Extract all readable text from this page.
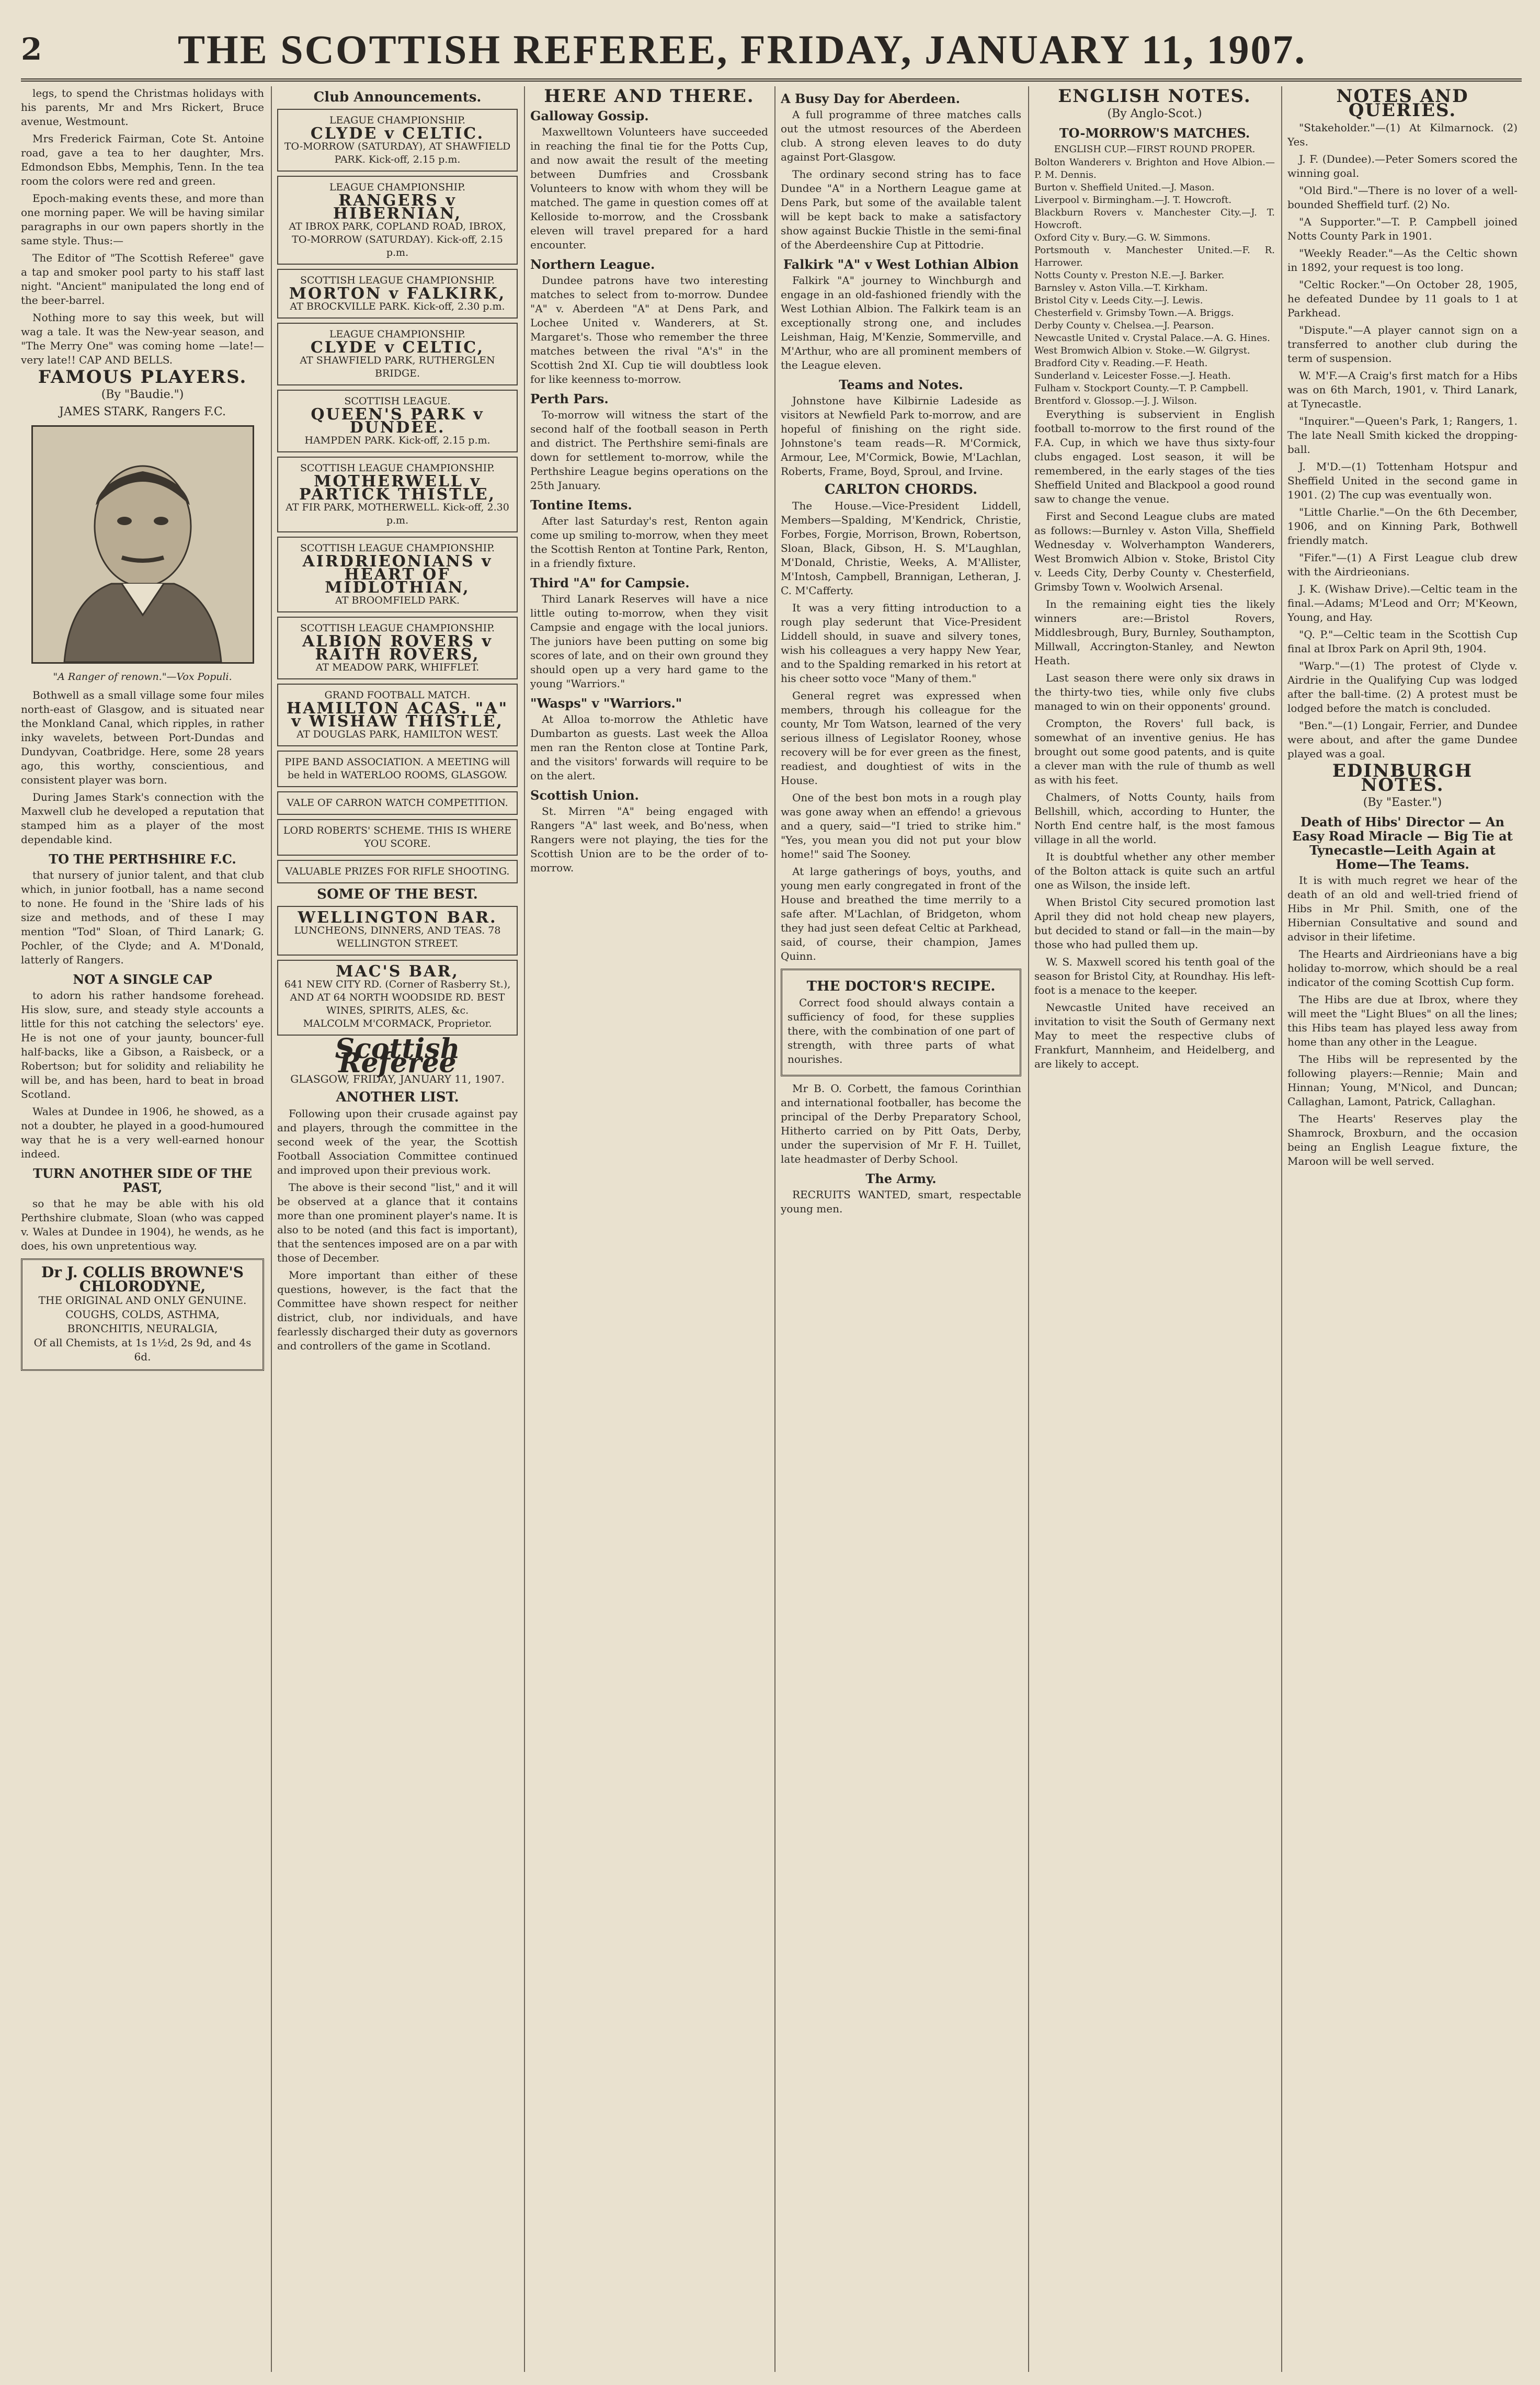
2	THE SCOTTISH REFEREE, FRIDAY, JANUARY 11, 1907.

legs, to spend the Christmas holidays with his parents, Mr and Mrs Rickert, Bruce avenue, Westmount.

Mrs Frederick Fairman, Cote St. Antoine road, gave a tea to her daughter, Mrs. Edmondson Ebbs, Memphis, Tenn. In the tea room the colors were red and green.

Epoch-making events these, and more than one morning paper. We will be having similar paragraphs in our own papers shortly in the same style. Thus:—

The Editor of "The Scottish Referee" gave a tap and smoker pool party to his staff last night. "Ancient" manipulated the long end of the beer-barrel.

Nothing more to say this week, but will wag a tale. It was the New-year season, and "The Merry One" was coming home —late!—very late!! CAP AND BELLS.

FAMOUS PLAYERS.
(By "Baudie.")
JAMES STARK, Rangers F.C.
"A Ranger of renown."—Vox Populi.

Bothwell as a small village some four miles north-east of Glasgow, and is situated near the Monkland Canal, which ripples, in rather inky wavelets, between Port-Dundas and Dundyvan, Coatbridge. Here, some 28 years ago, this worthy, conscientious, and consistent player was born.

During James Stark's connection with the Maxwell club he developed a reputation that stamped him as a player of the most dependable kind.

TO THE PERTHSHIRE F.C.

that nursery of junior talent, and that club which, in junior football, has a name second to none. He found in the 'Shire lads of his size and methods, and of these I may mention "Tod" Sloan, of Third Lanark; G. Pochler, of the Clyde; and A. M'Donald, latterly of Rangers.

NOT A SINGLE CAP

to adorn his rather handsome forehead. His slow, sure, and steady style accounts a little for this not catching the selectors' eye. He is not one of your jaunty, bouncer-full half-backs, like a Gibson, a Raisbeck, or a Robertson; but for solidity and reliability he will be, and has been, hard to beat in broad Scotland.

Wales at Dundee in 1906, he showed, as a not a doubter, he played in a good-humoured way that he is a very well-earned honour indeed.

TURN ANOTHER SIDE OF THE PAST,

so that he may be able with his old Perthshire clubmate, Sloan (who was capped v. Wales at Dundee in 1904), he wends, as he does, his own unpretentious way.

Dr J. COLLIS BROWNE'S CHLORODYNE,
THE ORIGINAL AND ONLY GENUINE.
COUGHS, COLDS, ASTHMA, BRONCHITIS, NEURALGIA,
Of all Chemists, at 1s 1½d, 2s 9d, and 4s 6d.
Club Announcements.
LEAGUE CHAMPIONSHIP.
CLYDE v CELTIC.
TO-MORROW (SATURDAY), AT SHAWFIELD PARK. Kick-off, 2.15 p.m.
LEAGUE CHAMPIONSHIP.
RANGERS v HIBERNIAN,
AT IBROX PARK, COPLAND ROAD, IBROX, TO-MORROW (SATURDAY). Kick-off, 2.15 p.m.
SCOTTISH LEAGUE CHAMPIONSHIP.
MORTON v FALKIRK,
AT BROCKVILLE PARK. Kick-off, 2.30 p.m.
LEAGUE CHAMPIONSHIP.
CLYDE v CELTIC,
AT SHAWFIELD PARK, RUTHERGLEN BRIDGE.
SCOTTISH LEAGUE.
QUEEN'S PARK v DUNDEE.
HAMPDEN PARK. Kick-off, 2.15 p.m.
SCOTTISH LEAGUE CHAMPIONSHIP.
MOTHERWELL v PARTICK THISTLE,
AT FIR PARK, MOTHERWELL. Kick-off, 2.30 p.m.
SCOTTISH LEAGUE CHAMPIONSHIP.
AIRDRIEONIANS v HEART OF MIDLOTHIAN,
AT BROOMFIELD PARK.
SCOTTISH LEAGUE CHAMPIONSHIP.
ALBION ROVERS v RAITH ROVERS,
AT MEADOW PARK, WHIFFLET.
GRAND FOOTBALL MATCH.
HAMILTON ACAS. "A" v WISHAW THISTLE,
AT DOUGLAS PARK, HAMILTON WEST.
PIPE BAND ASSOCIATION. A MEETING will be held in WATERLOO ROOMS, GLASGOW.
VALE OF CARRON WATCH COMPETITION.
LORD ROBERTS' SCHEME. THIS IS WHERE YOU SCORE.
VALUABLE PRIZES FOR RIFLE SHOOTING.
SOME OF THE BEST.
WELLINGTON BAR.
LUNCHEONS, DINNERS, AND TEAS. 78 WELLINGTON STREET.
MAC'S BAR,
641 NEW CITY RD. (Corner of Rasberry St.), AND AT 64 NORTH WOODSIDE RD. BEST WINES, SPIRITS, ALES, &c.
MALCOLM M'CORMACK, Proprietor.
Scottish Referee
GLASGOW, FRIDAY, JANUARY 11, 1907.
ANOTHER LIST.

Following upon their crusade against pay and players, through the committee in the second week of the year, the Scottish Football Association Committee continued and improved upon their previous work.

The above is their second "list," and it will be observed at a glance that it contains more than one prominent player's name. It is also to be noted (and this fact is important), that the sentences imposed are on a par with those of December.

More important than either of these questions, however, is the fact that the Committee have shown respect for neither district, club, nor individuals, and have fearlessly discharged their duty as governors and controllers of the game in Scotland.

HERE AND THERE.
Galloway Gossip.

Maxwelltown Volunteers have succeeded in reaching the final tie for the Potts Cup, and now await the result of the meeting between Dumfries and Crossbank Volunteers to know with whom they will be matched. The game in question comes off at Kelloside to-morrow, and the Crossbank eleven will travel prepared for a hard encounter.

Northern League.

Dundee patrons have two interesting matches to select from to-morrow. Dundee "A" v. Aberdeen "A" at Dens Park, and Lochee United v. Wanderers, at St. Margaret's. Those who remember the three matches between the rival "A's" in the Scottish 2nd XI. Cup tie will doubtless look for like keenness to-morrow.

Perth Pars.

To-morrow will witness the start of the second half of the football season in Perth and district. The Perthshire semi-finals are down for settlement to-morrow, while the Perthshire League begins operations on the 25th January.

Tontine Items.

After last Saturday's rest, Renton again come up smiling to-morrow, when they meet the Scottish Renton at Tontine Park, Renton, in a friendly fixture.

Third "A" for Campsie.

Third Lanark Reserves will have a nice little outing to-morrow, when they visit Campsie and engage with the local juniors. The juniors have been putting on some big scores of late, and on their own ground they should open up a very hard game to the young "Warriors."

"Wasps" v "Warriors."

At Alloa to-morrow the Athletic have Dumbarton as guests. Last week the Alloa men ran the Renton close at Tontine Park, and the visitors' forwards will require to be on the alert.

Scottish Union.

St. Mirren "A" being engaged with Rangers "A" last week, and Bo'ness, when Rangers were not playing, the ties for the Scottish Union are to be the order of to-morrow.

A Busy Day for Aberdeen.

A full programme of three matches calls out the utmost resources of the Aberdeen club. A strong eleven leaves to do duty against Port-Glasgow.

The ordinary second string has to face Dundee "A" in a Northern League game at Dens Park, but some of the available talent will be kept back to make a satisfactory show against Buckie Thistle in the semi-final of the Aberdeenshire Cup at Pittodrie.

Falkirk "A" v West Lothian Albion

Falkirk "A" journey to Winchburgh and engage in an old-fashioned friendly with the West Lothian Albion. The Falkirk team is an exceptionally strong one, and includes Leishman, Haig, M'Kenzie, Sommerville, and M'Arthur, who are all prominent members of the League eleven.

Teams and Notes.

Johnstone have Kilbirnie Ladeside as visitors at Newfield Park to-morrow, and are hopeful of finishing on the right side. Johnstone's team reads—R. M'Cormick, Armour, Lee, M'Cormick, Bowie, M'Lachlan, Roberts, Frame, Boyd, Sproul, and Irvine.

CARLTON CHORDS.

The House.—Vice-President Liddell, Members—Spalding, M'Kendrick, Christie, Forbes, Forgie, Morrison, Brown, Robertson, Sloan, Black, Gibson, H. S. M'Laughlan, M'Donald, Christie, Weeks, A. M'Allister, M'Intosh, Campbell, Brannigan, Letheran, J. C. M'Cafferty.

It was a very fitting introduction to a rough play sederunt that Vice-President Liddell should, in suave and silvery tones, wish his colleagues a very happy New Year, and to the Spalding remarked in his retort at his cheer sotto voce "Many of them."

General regret was expressed when members, through his colleague for the county, Mr Tom Watson, learned of the very serious illness of Legislator Rooney, whose recovery will be for ever green as the finest, readiest, and doughtiest of wits in the House.

One of the best bon mots in a rough play was gone away when an effendo! a grievous and a query, said—"I tried to strike him." "Yes, you mean you did not put your blow home!" said The Sooney.

At large gatherings of boys, youths, and young men early congregated in front of the House and breathed the time merrily to a safe after. M'Lachlan, of Bridgeton, whom they had just seen defeat Celtic at Parkhead, said, of course, their champion, James Quinn.

THE DOCTOR'S RECIPE.

Correct food should always contain a sufficiency of food, for these supplies there, with the combination of one part of strength, with three parts of what nourishes.

Mr B. O. Corbett, the famous Corinthian and international footballer, has become the principal of the Derby Preparatory School, Hitherto carried on by Pitt Oats, Derby, under the supervision of Mr F. H. Tuillet, late headmaster of Derby School.

The Army.

RECRUITS WANTED, smart, respectable young men.

ENGLISH NOTES.
(By Anglo-Scot.)
TO-MORROW'S MATCHES.
ENGLISH CUP.—FIRST ROUND PROPER.
Bolton Wanderers v. Brighton and Hove Albion.—P. M. Dennis.
Burton v. Sheffield United.—J. Mason.
Liverpool v. Birmingham.—J. T. Howcroft.
Blackburn Rovers v. Manchester City.—J. T. Howcroft.
Oxford City v. Bury.—G. W. Simmons.
Portsmouth v. Manchester United.—F. R. Harrower.
Notts County v. Preston N.E.—J. Barker.
Barnsley v. Aston Villa.—T. Kirkham.
Bristol City v. Leeds City.—J. Lewis.
Chesterfield v. Grimsby Town.—A. Briggs.
Derby County v. Chelsea.—J. Pearson.
Newcastle United v. Crystal Palace.—A. G. Hines.
West Bromwich Albion v. Stoke.—W. Gilgryst.
Bradford City v. Reading.—F. Heath.
Sunderland v. Leicester Fosse.—J. Heath.
Fulham v. Stockport County.—T. P. Campbell.
Brentford v. Glossop.—J. J. Wilson.

Everything is subservient in English football to-morrow to the first round of the F.A. Cup, in which we have thus sixty-four clubs engaged. Lost season, it will be remembered, in the early stages of the ties Sheffield United and Blackpool a good round saw to change the venue.

First and Second League clubs are mated as follows:—Burnley v. Aston Villa, Sheffield Wednesday v. Wolverhampton Wanderers, West Bromwich Albion v. Stoke, Bristol City v. Leeds City, Derby County v. Chesterfield, Grimsby Town v. Woolwich Arsenal.

In the remaining eight ties the likely winners are:—Bristol Rovers, Middlesbrough, Bury, Burnley, Southampton, Millwall, Accrington-Stanley, and Newton Heath.

Last season there were only six draws in the thirty-two ties, while only five clubs managed to win on their opponents' ground.

Crompton, the Rovers' full back, is somewhat of an inventive genius. He has brought out some good patents, and is quite a clever man with the rule of thumb as well as with his feet.

Chalmers, of Notts County, hails from Bellshill, which, according to Hunter, the North End centre half, is the most famous village in all the world.

It is doubtful whether any other member of the Bolton attack is quite such an artful one as Wilson, the inside left.

When Bristol City secured promotion last April they did not hold cheap new players, but decided to stand or fall—in the main—by those who had pulled them up.

W. S. Maxwell scored his tenth goal of the season for Bristol City, at Roundhay. His left-foot is a menace to the keeper.

Newcastle United have received an invitation to visit the South of Germany next May to meet the respective clubs of Frankfurt, Mannheim, and Heidelberg, and are likely to accept.

NOTES AND QUERIES.

"Stakeholder."—(1) At Kilmarnock. (2) Yes.

J. F. (Dundee).—Peter Somers scored the winning goal.

"Old Bird."—There is no lover of a well-bounded Sheffield turf. (2) No.

"A Supporter."—T. P. Campbell joined Notts County Park in 1901.

"Weekly Reader."—As the Celtic shown in 1892, your request is too long.

"Celtic Rocker."—On October 28, 1905, he defeated Dundee by 11 goals to 1 at Parkhead.

"Dispute."—A player cannot sign on a transferred to another club during the term of suspension.

W. M'F.—A Craig's first match for a Hibs was on 6th March, 1901, v. Third Lanark, at Tynecastle.

"Inquirer."—Queen's Park, 1; Rangers, 1. The late Neall Smith kicked the dropping-ball.

J. M'D.—(1) Tottenham Hotspur and Sheffield United in the second game in 1901. (2) The cup was eventually won.

"Little Charlie."—On the 6th December, 1906, and on Kinning Park, Bothwell friendly match.

"Fifer."—(1) A First League club drew with the Airdrieonians.

J. K. (Wishaw Drive).—Celtic team in the final.—Adams; M'Leod and Orr; M'Keown, Young, and Hay.

"Q. P."—Celtic team in the Scottish Cup final at Ibrox Park on April 9th, 1904.

"Warp."—(1) The protest of Clyde v. Airdrie in the Qualifying Cup was lodged after the ball-time. (2) A protest must be lodged before the match is concluded.

"Ben."—(1) Longair, Ferrier, and Dundee were about, and after the game Dundee played was a goal.

EDINBURGH NOTES.
(By "Easter.")
Death of Hibs' Director — An Easy Road Miracle — Big Tie at Tynecastle—Leith Again at Home—The Teams.

It is with much regret we hear of the death of an old and well-tried friend of Hibs in Mr Phil. Smith, one of the Hibernian Consultative and sound and advisor in their lifetime.

The Hearts and Airdrieonians have a big holiday to-morrow, which should be a real indicator of the coming Scottish Cup form.

The Hibs are due at Ibrox, where they will meet the "Light Blues" on all the lines; this Hibs team has played less away from home than any other in the League.

The Hibs will be represented by the following players:—Rennie; Main and Hinnan; Young, M'Nicol, and Duncan; Callaghan, Lamont, Patrick, Callaghan.

The Hearts' Reserves play the Shamrock, Broxburn, and the occasion being an English League fixture, the Maroon will be well served.
